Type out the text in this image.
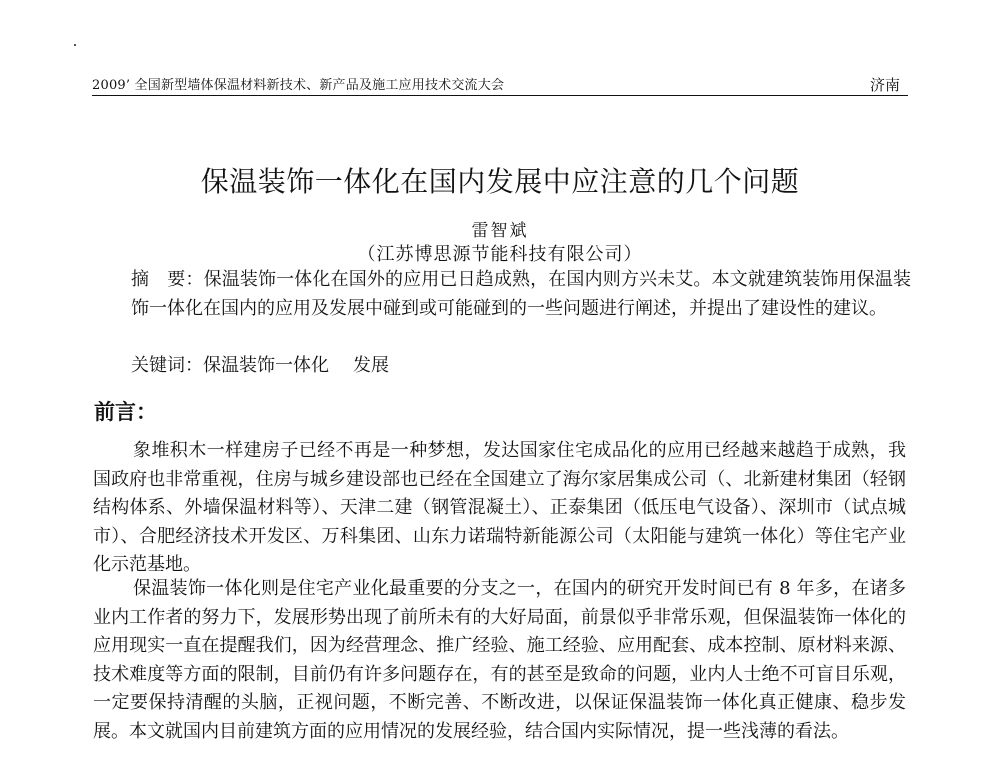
2009’ 全国新型墙体保温材料新技术、新产品及施工应用技术交流大会	济南
保温装饰一体化在国内发展中应注意的几个问题
雷智斌
（江苏博思源节能科技有限公司）
摘　要：保温装饰一体化在国外的应用已日趋成熟，在国内则方兴未艾。本文就建筑装饰用保温装饰一体化在国内的应用及发展中碰到或可能碰到的一些问题进行阐述，并提出了建设性的建议。
关键词：保温装饰一体化 发展
前言：
象堆积木一样建房子已经不再是一种梦想，发达国家住宅成品化的应用已经越来越趋于成熟，我国政府也非常重视，住房与城乡建设部也已经在全国建立了海尔家居集成公司（、北新建材集团（轻钢结构体系、外墙保温材料等）、天津二建（钢管混凝土）、正泰集团（低压电气设备）、深圳市（试点城市）、合肥经济技术开发区、万科集团、山东力诺瑞特新能源公司（太阳能与建筑一体化）等住宅产业化示范基地。
保温装饰一体化则是住宅产业化最重要的分支之一，在国内的研究开发时间已有 8 年多，在诸多业内工作者的努力下，发展形势出现了前所未有的大好局面，前景似乎非常乐观，但保温装饰一体化的应用现实一直在提醒我们，因为经营理念、推广经验、施工经验、应用配套、成本控制、原材料来源、技术难度等方面的限制，目前仍有许多问题存在，有的甚至是致命的问题，业内人士绝不可盲目乐观，一定要保持清醒的头脑，正视问题，不断完善、不断改进，以保证保温装饰一体化真正健康、稳步发展。本文就国内目前建筑方面的应用情况的发展经验，结合国内实际情况，提一些浅薄的看法。
